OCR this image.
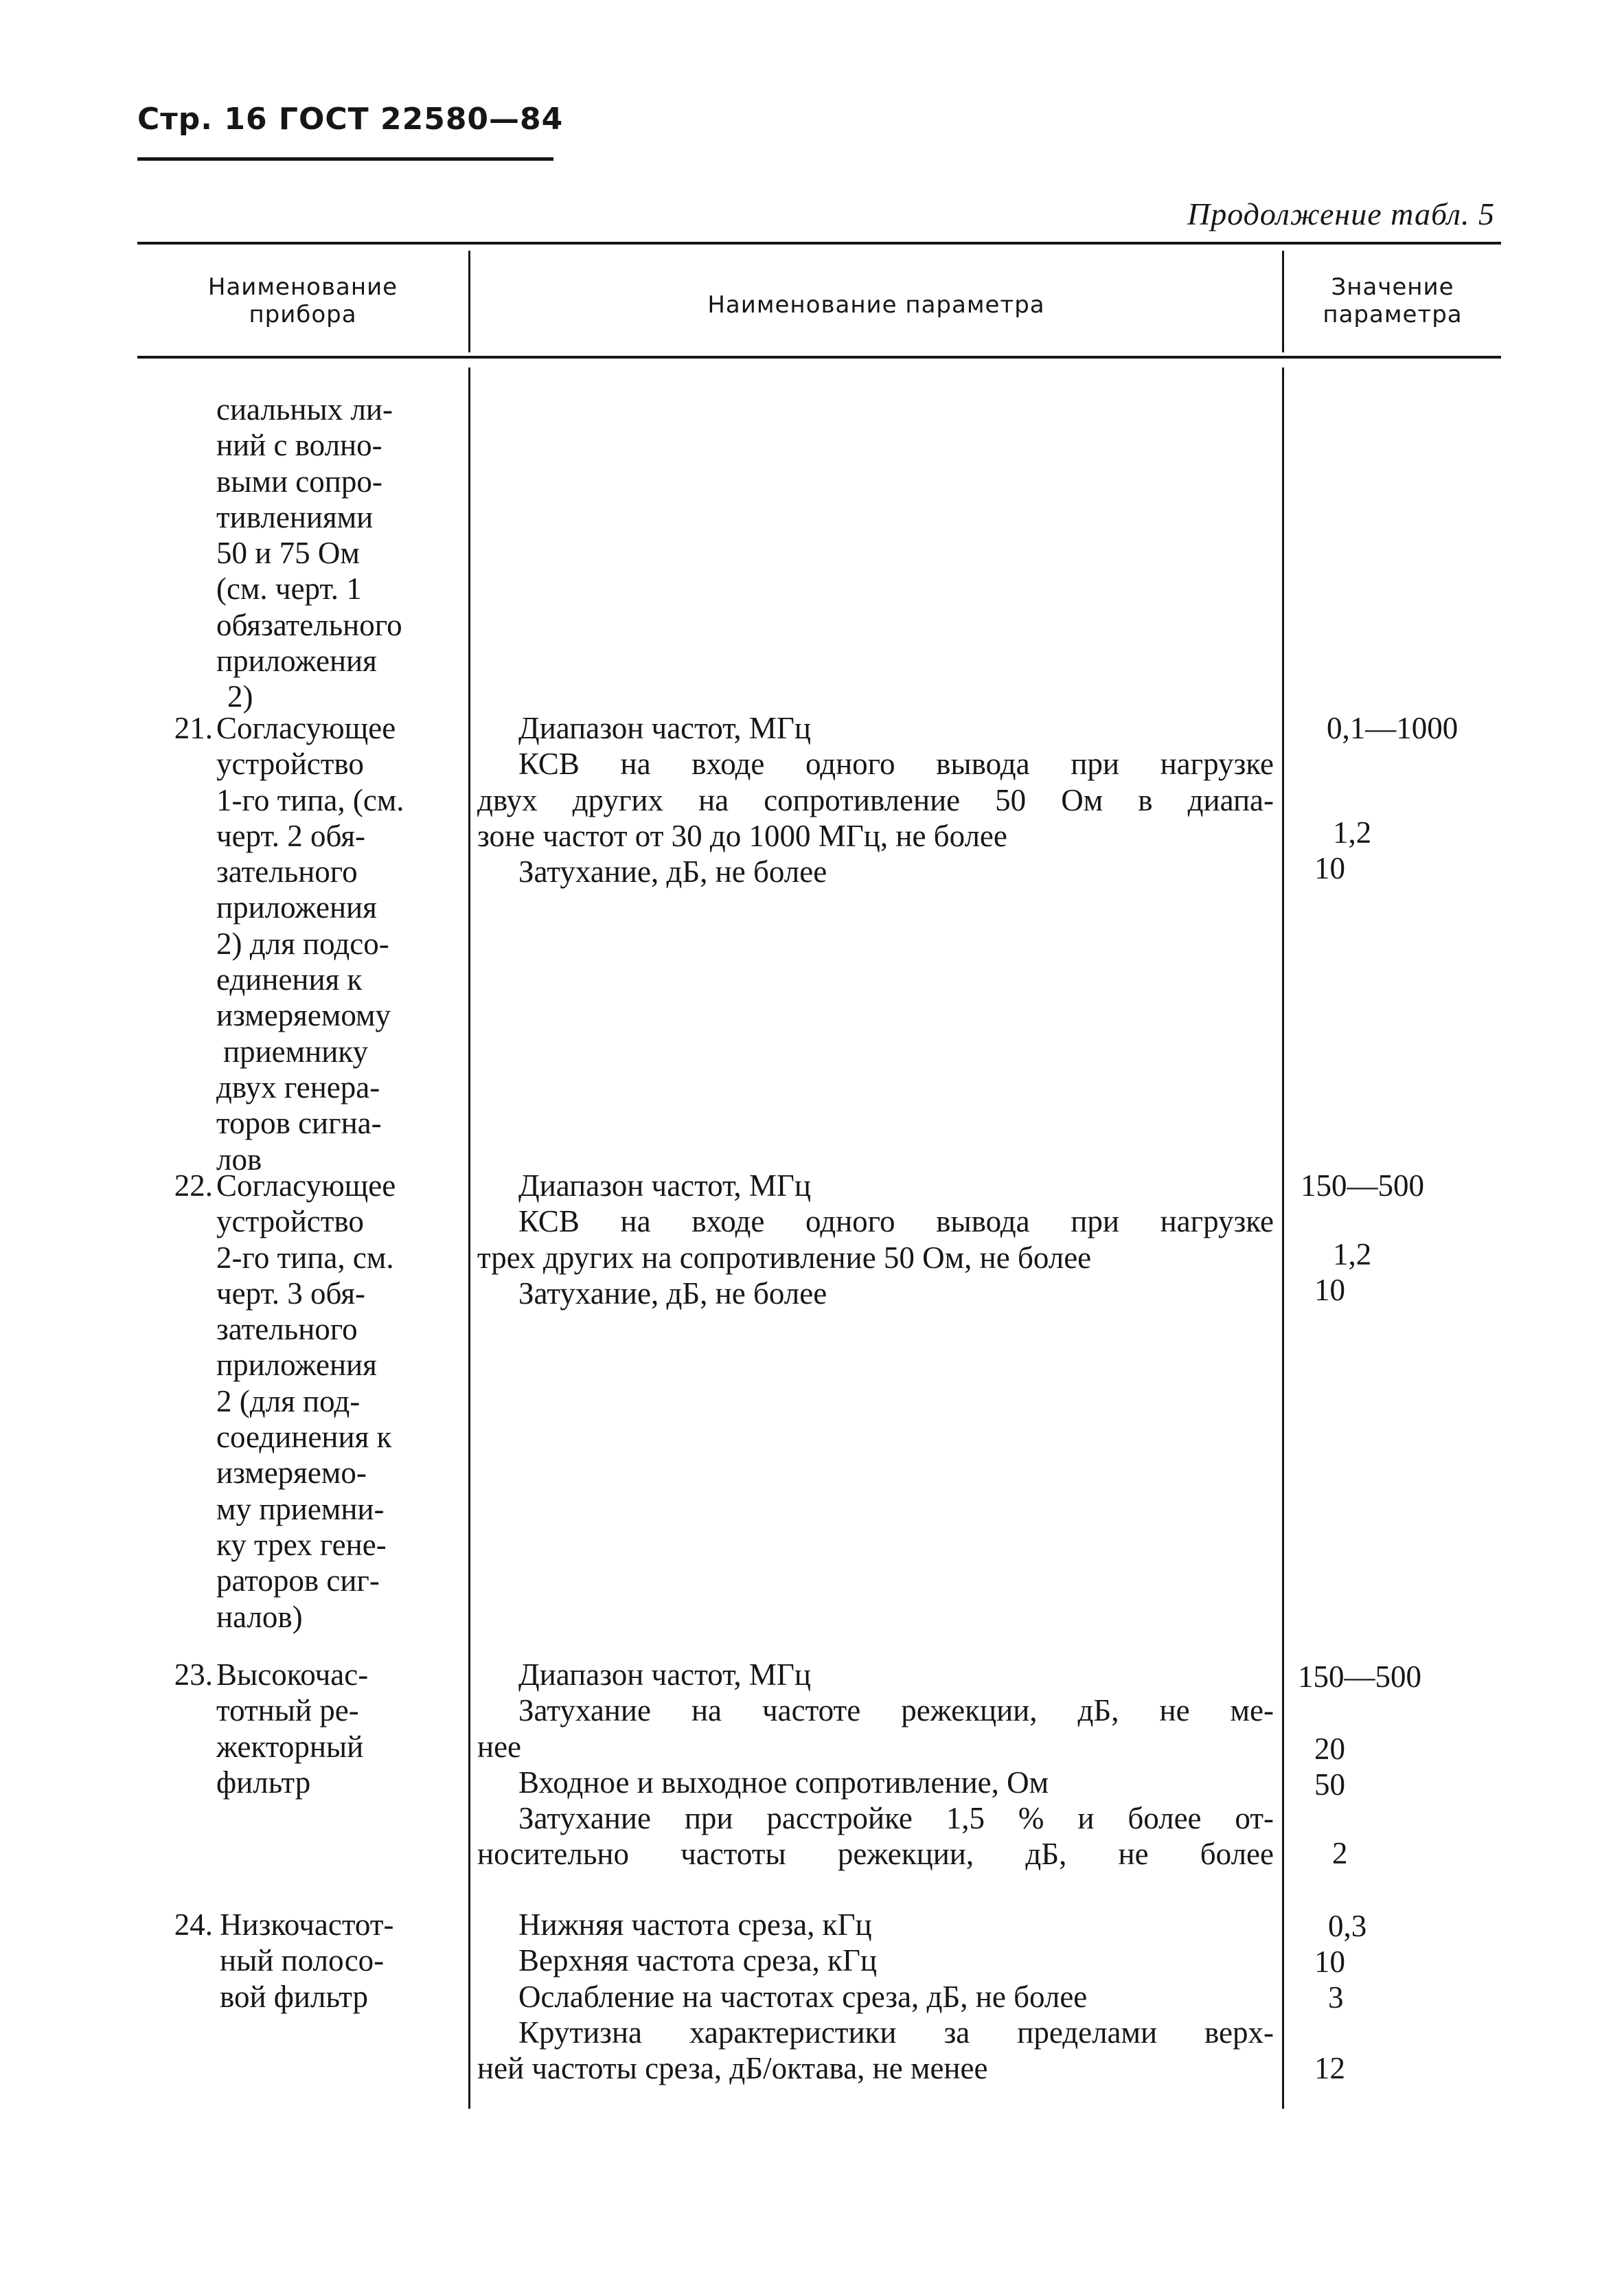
Стр. 16 ГОСТ 22580—84
Продолжение табл. 5
Наименование
прибора	Наименование параметра
Значение
параметра
сиальных ли-
ний с волно-
выми сопро-
тивлениями
50 и 75 Ом
(см. черт. 1
обязательного
приложения
2)
21. Согласующее
устройство
1-го типа, (см.
черт. 2 обя-
зательного
приложения
2) для подсо-
единения к
измеряемому
приемнику
двух генера-
торов сигна-
лов
Диапазон частот, МГц
КСВ на входе одного вывода при нагрузке
двух других на сопротивление 50 Ом в диапа-
зоне частот от 30 до 1000 МГц, не более
Затухание, дБ, не более
0,1—1000
1,2
10
22. Согласующее
устройство
2-го типа, см.
черт. 3 обя-
зательного
приложения
2 (для под-
соединения к
измеряемо-
му приемни-
ку трех гене-
раторов сиг-
налов)
Диапазон частот, МГц
КСВ на входе одного вывода при нагрузке
трех других на сопротивление 50 Ом, не более
Затухание, дБ, не более
150—500
1,2
10
23. Высокочас-
тотный ре-
жекторный
фильтр
Диапазон частот, МГц
Затухание на частоте режекции, дБ, не ме-
нее
Входное и выходное сопротивление, Ом
Затухание при расстройке 1,5 % и более от-
носительно частоты режекции, дБ, не более
150—500
20
50
2
24. Низкочастот-
ный полосо-
вой фильтр
Нижняя частота среза, кГц
Верхняя частота среза, кГц
Ослабление на частотах среза, дБ, не более
Крутизна характеристики за пределами верх-
ней частоты среза, дБ/октава, не менее
0,3
10
3
12
